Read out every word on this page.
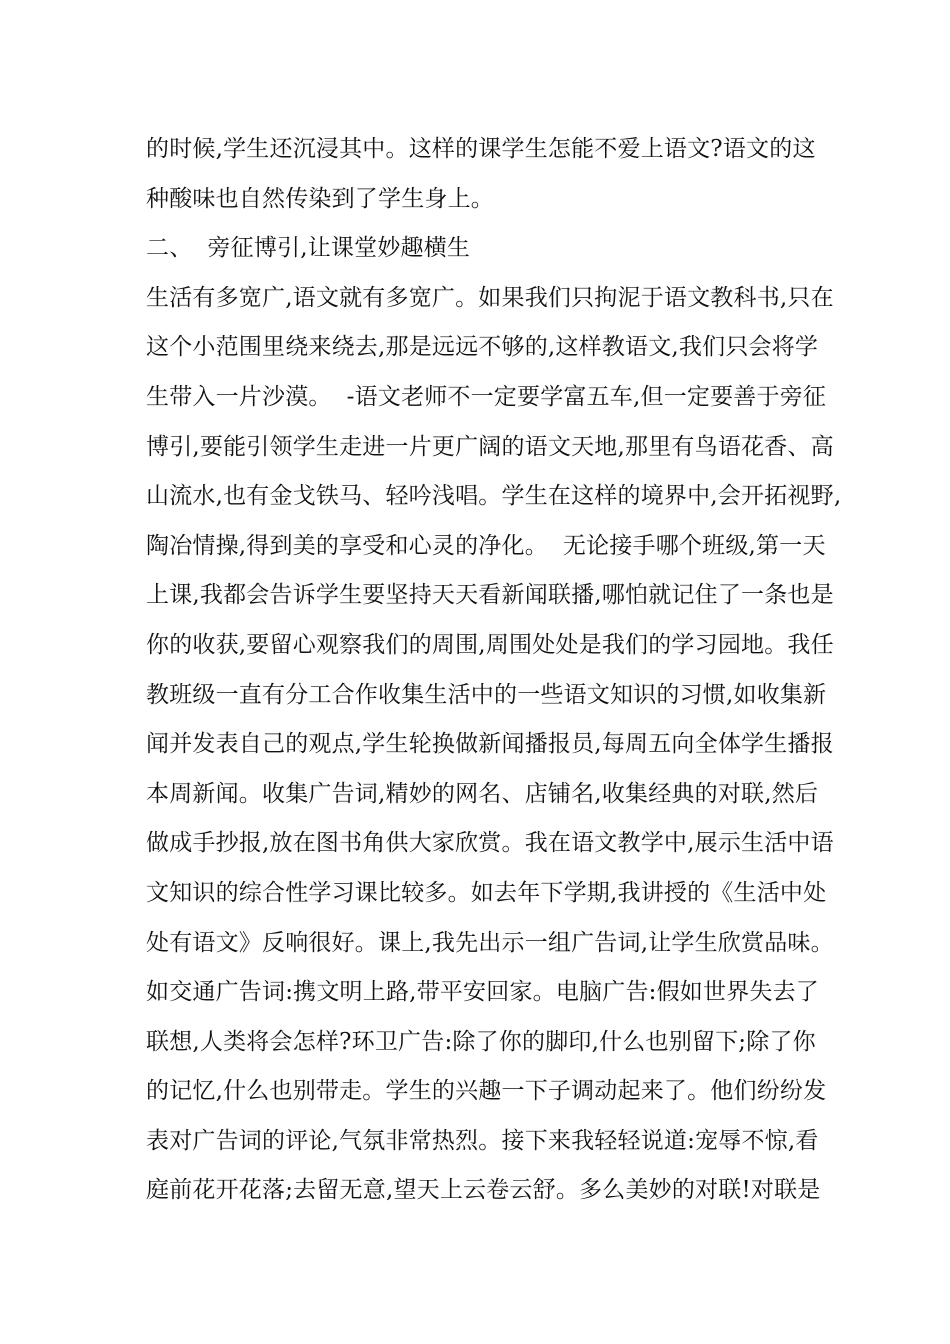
的时候,学生还沉浸其中。这样的课学生怎能不爱上语文?语文的这
种酸味也自然传染到了学生身上。
二、  旁征博引,让课堂妙趣横生
生活有多宽广,语文就有多宽广。如果我们只拘泥于语文教科书,只在
这个小范围里绕来绕去,那是远远不够的,这样教语文,我们只会将学
生带入一片沙漠。  -语文老师不一定要学富五车,但一定要善于旁征
博引,要能引领学生走进一片更广阔的语文天地,那里有鸟语花香、高
山流水,也有金戈铁马、轻吟浅唱。学生在这样的境界中,会开拓视野,
陶冶情操,得到美的享受和心灵的净化。  无论接手哪个班级,第一天
上课,我都会告诉学生要坚持天天看新闻联播,哪怕就记住了一条也是
你的收获,要留心观察我们的周围,周围处处是我们的学习园地。我任
教班级一直有分工合作收集生活中的一些语文知识的习惯,如收集新
闻并发表自己的观点,学生轮换做新闻播报员,每周五向全体学生播报
本周新闻。收集广告词,精妙的网名、店铺名,收集经典的对联,然后
做成手抄报,放在图书角供大家欣赏。我在语文教学中,展示生活中语
文知识的综合性学习课比较多。如去年下学期,我讲授的《生活中处
处有语文》反响很好。课上,我先出示一组广告词,让学生欣赏品味。
如交通广告词:携文明上路,带平安回家。电脑广告:假如世界失去了
联想,人类将会怎样?环卫广告:除了你的脚印,什么也别留下;除了你
的记忆,什么也别带走。学生的兴趣一下子调动起来了。他们纷纷发
表对广告词的评论,气氛非常热烈。接下来我轻轻说道:宠辱不惊,看
庭前花开花落;去留无意,望天上云卷云舒。多么美妙的对联!对联是
